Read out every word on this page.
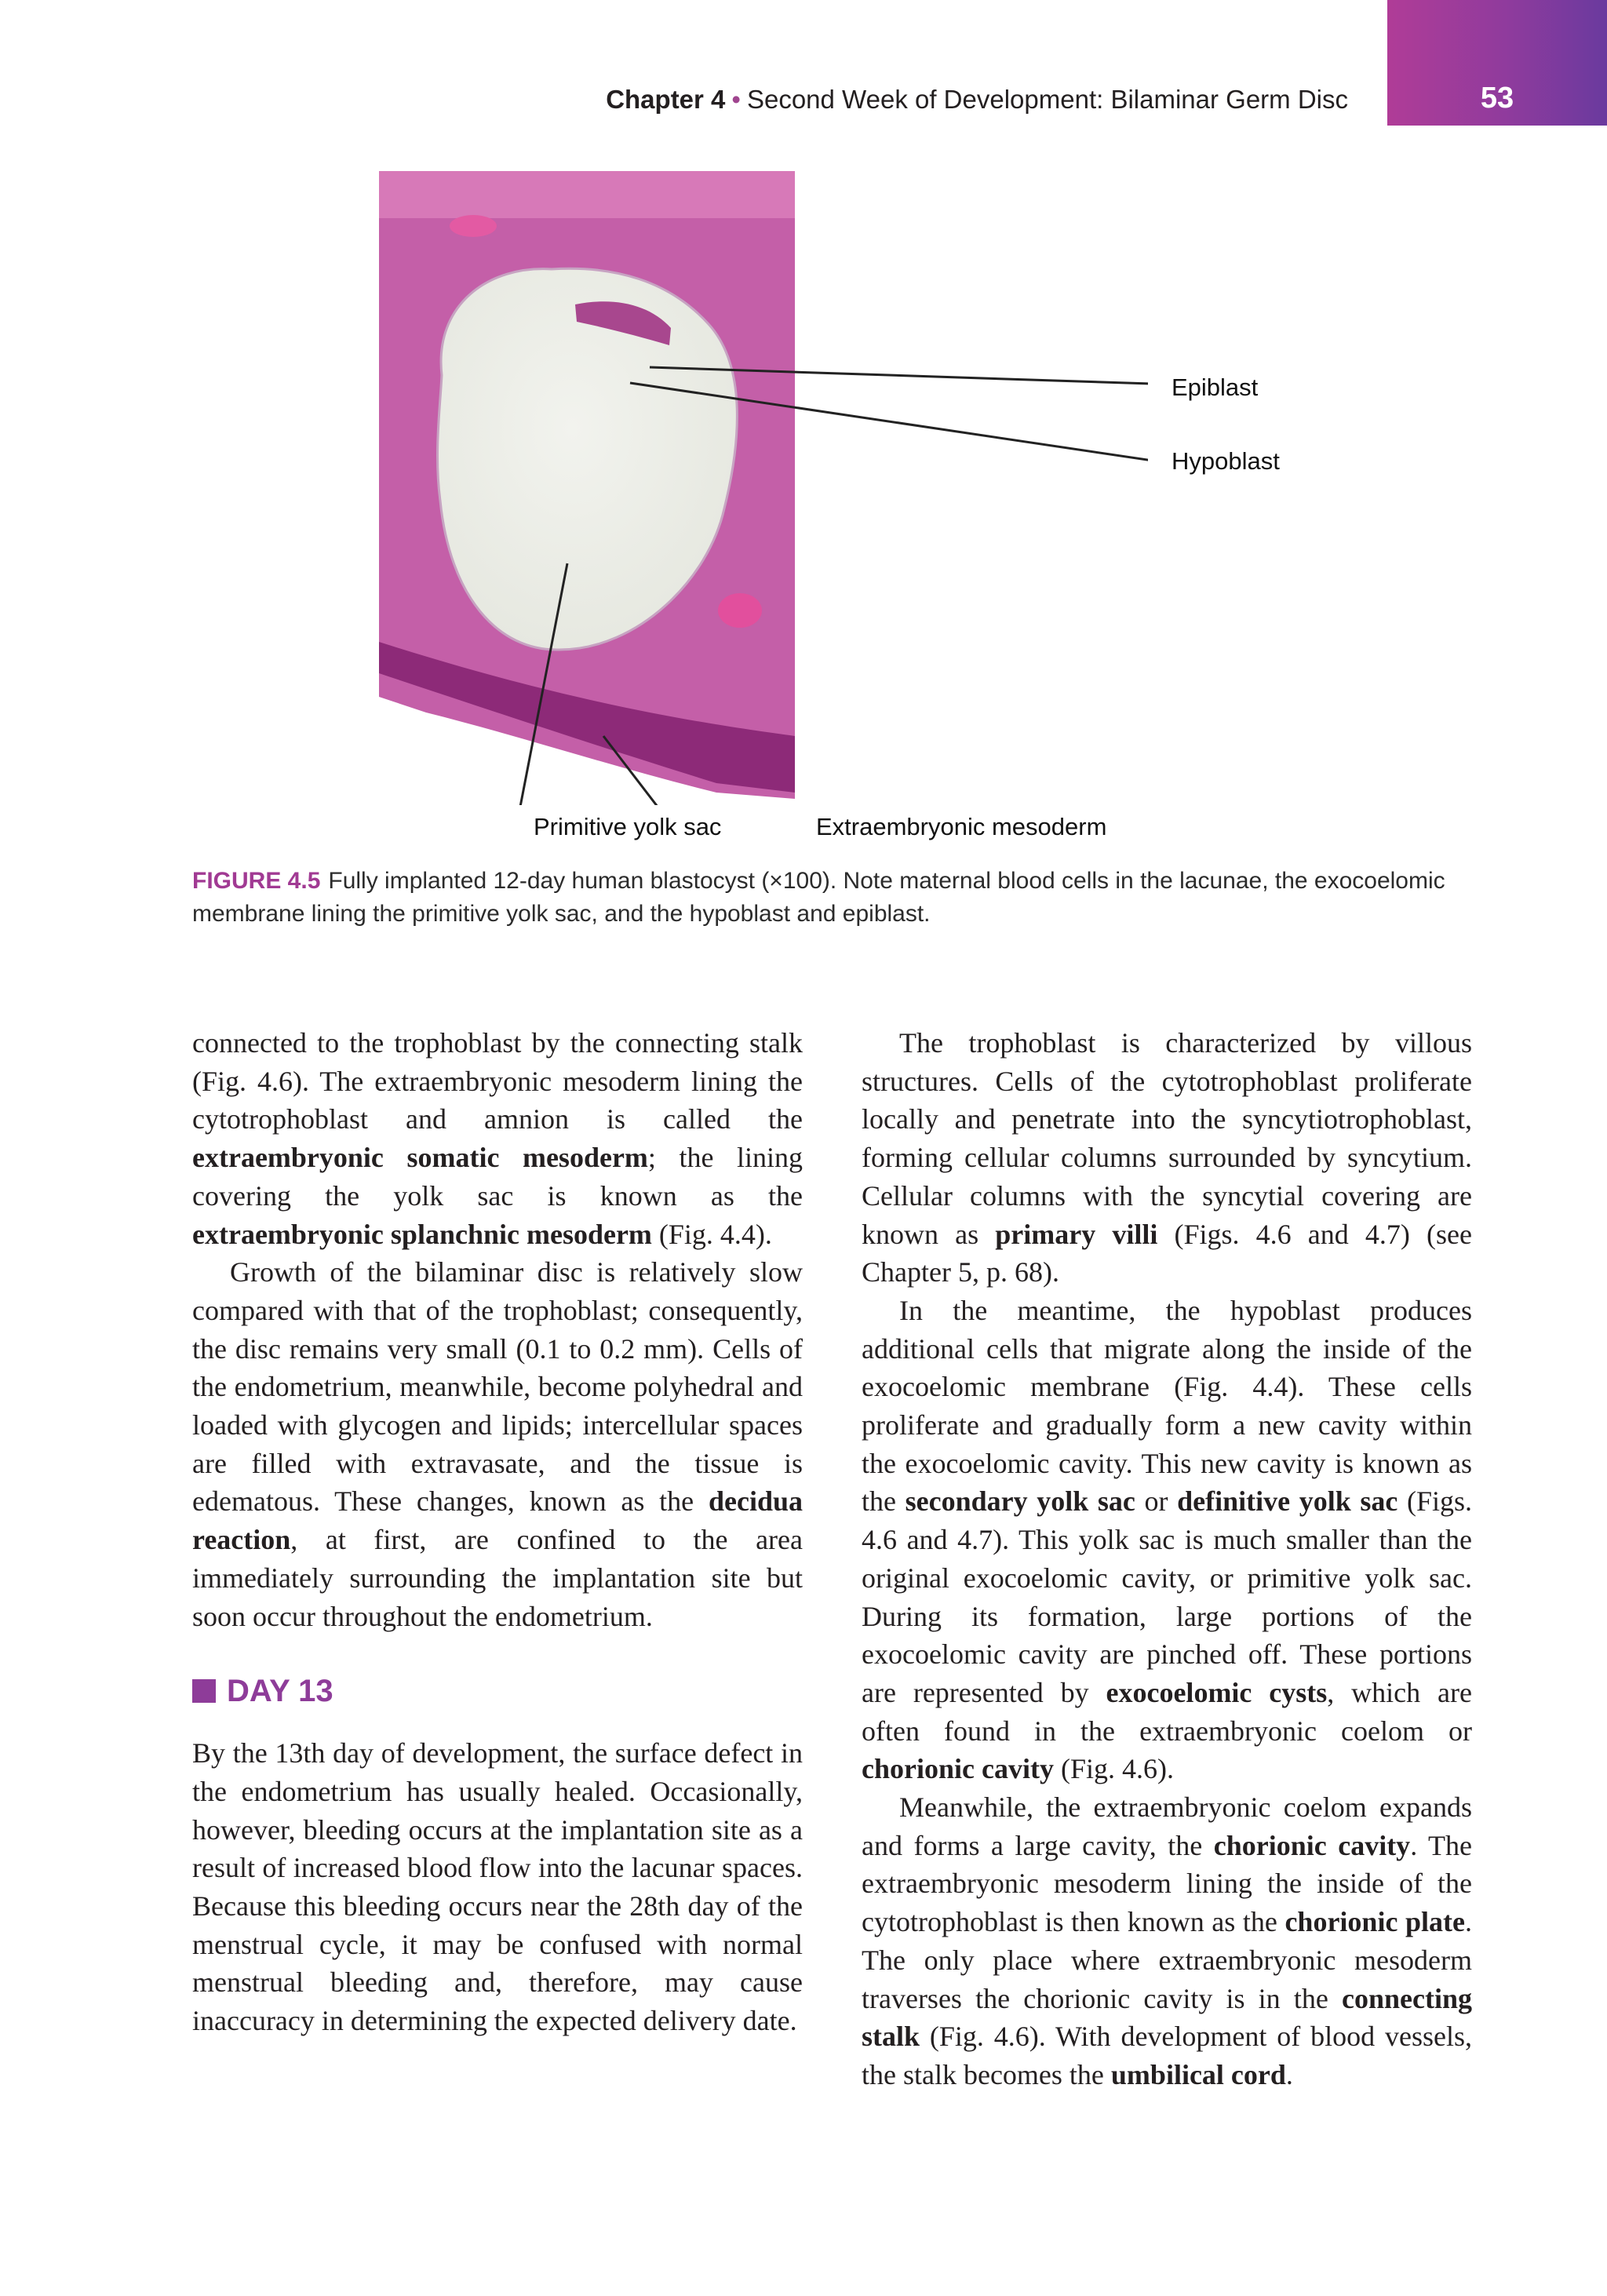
Chapter 4 • Second Week of Development: Bilaminar Germ Disc	53
Epiblast
Hypoblast
Primitive yolk sac	Extraembryonic mesoderm
FIGURE 4.5 Fully implanted 12-day human blastocyst (×100). Note maternal blood cells in the lacunae, the exocoelomic membrane lining the primitive yolk sac, and the hypoblast and epiblast.

connected to the trophoblast by the connecting stalk (Fig. 4.6). The extraembryonic mesoderm lining the cytotrophoblast and amnion is called the extraembryonic somatic mesoderm; the lining covering the yolk sac is known as the extraembryonic splanchnic mesoderm (Fig. 4.4).

Growth of the bilaminar disc is relatively slow compared with that of the trophoblast; consequently, the disc remains very small (0.1 to 0.2 mm). Cells of the endometrium, meanwhile, become polyhedral and loaded with glycogen and lipids; intercellular spaces are filled with extravasate, and the tissue is edematous. These changes, known as the decidua reaction, at first, are confined to the area immediately surrounding the implantation site but soon occur throughout the endometrium.

DAY 13

By the 13th day of development, the surface defect in the endometrium has usually healed. Occasionally, however, bleeding occurs at the implantation site as a result of increased blood flow into the lacunar spaces. Because this bleeding occurs near the 28th day of the menstrual cycle, it may be confused with normal menstrual bleeding and, therefore, may cause inaccuracy in determining the expected delivery date.

The trophoblast is characterized by villous structures. Cells of the cytotrophoblast proliferate locally and penetrate into the syncytiotrophoblast, forming cellular columns surrounded by syncytium. Cellular columns with the syncytial covering are known as primary villi (Figs. 4.6 and 4.7) (see Chapter 5, p. 68).

In the meantime, the hypoblast produces additional cells that migrate along the inside of the exocoelomic membrane (Fig. 4.4). These cells proliferate and gradually form a new cavity within the exocoelomic cavity. This new cavity is known as the secondary yolk sac or definitive yolk sac (Figs. 4.6 and 4.7). This yolk sac is much smaller than the original exocoelomic cavity, or primitive yolk sac. During its formation, large portions of the exocoelomic cavity are pinched off. These portions are represented by exocoelomic cysts, which are often found in the extraembryonic coelom or chorionic cavity (Fig. 4.6).

Meanwhile, the extraembryonic coelom expands and forms a large cavity, the chorionic cavity. The extraembryonic mesoderm lining the inside of the cytotrophoblast is then known as the chorionic plate. The only place where extraembryonic mesoderm traverses the chorionic cavity is in the connecting stalk (Fig. 4.6). With development of blood vessels, the stalk becomes the umbilical cord.
